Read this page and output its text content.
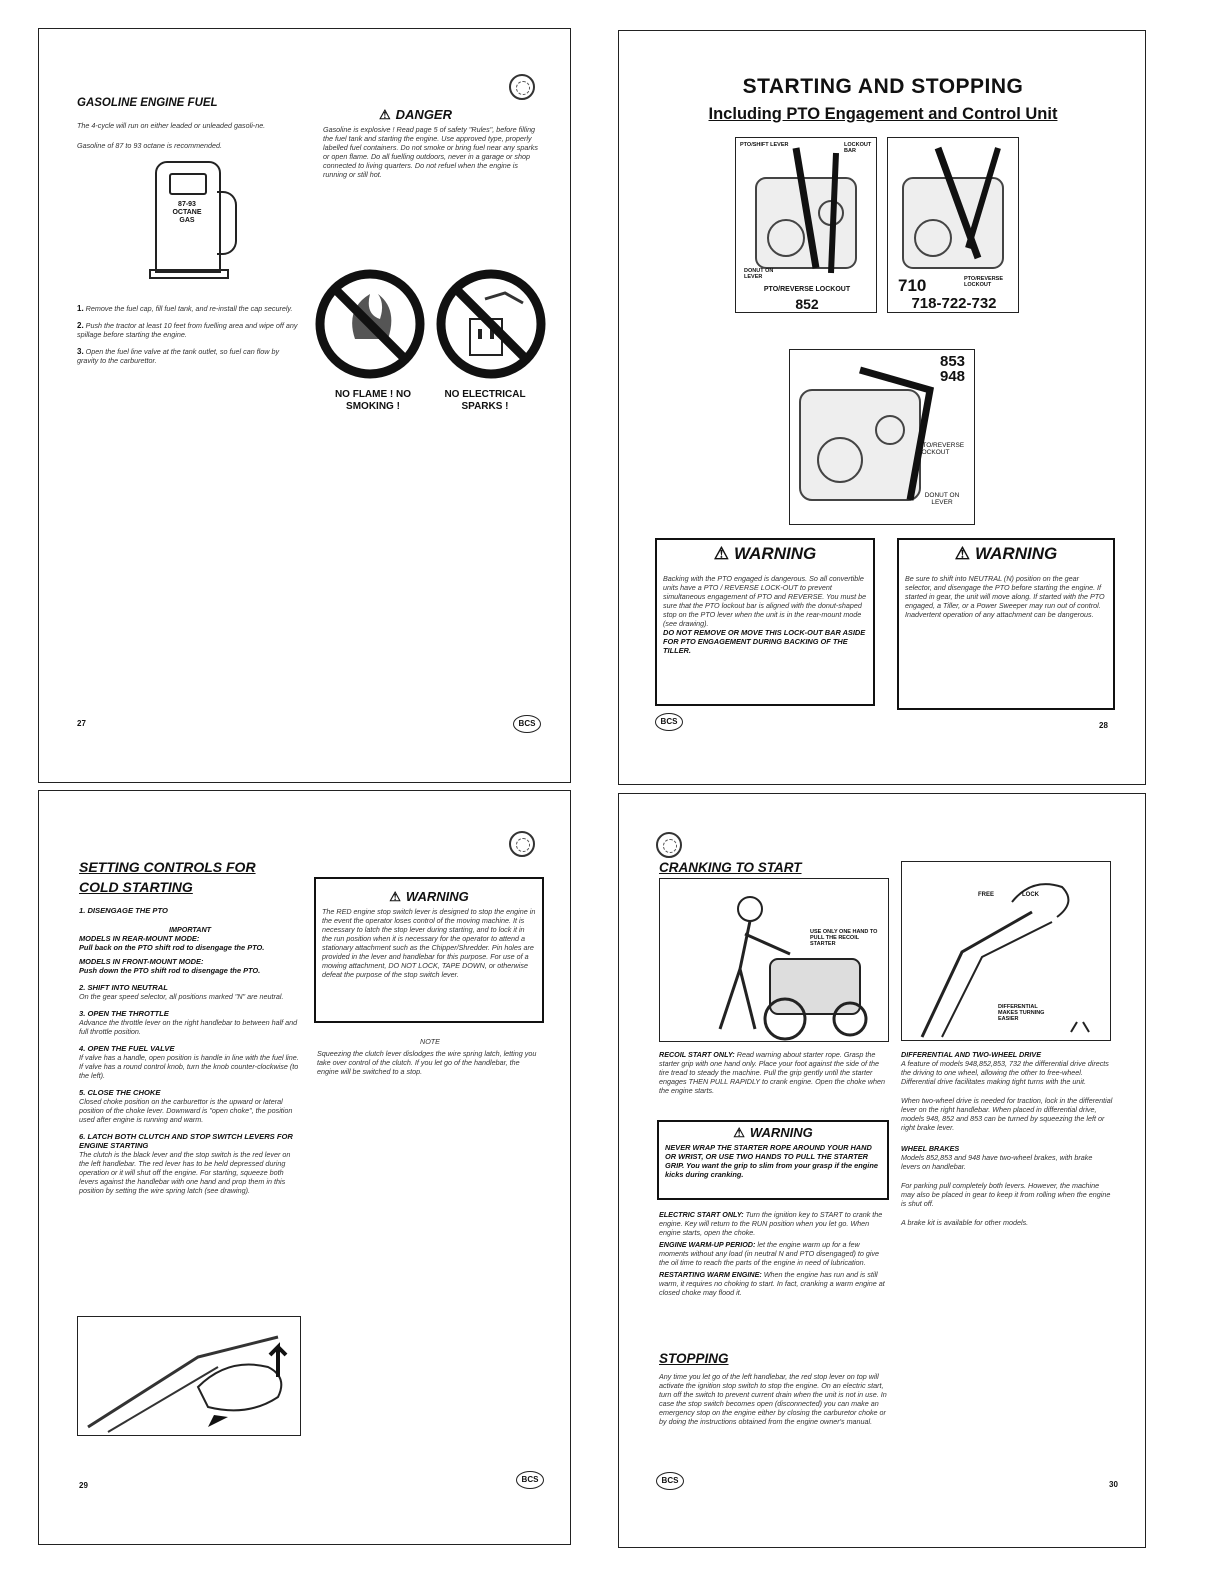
GASOLINE ENGINE FUEL
The 4-cycle will run on either leaded or unleaded gasoli-ne.
Gasoline of 87 to 93 octane is recommended.
87-93
OCTANE
GAS
⚠ DANGER
Gasoline is explosive ! Read page 5 of safety "Rules", before filling the fuel tank and starting the engine. Use approved type, properly labelled fuel containers. Do not smoke or bring fuel near any sparks or open flame. Do all fuelling outdoors, never in a garage or shop connected to living quarters. Do not refuel when the engine is running or still hot.
1. Remove the fuel cap, fill fuel tank, and re-install the cap securely.
2. Push the tractor at least 10 feet from fuelling area and wipe off any spillage before starting the engine.
3. Open the fuel line valve at the tank outlet, so fuel can flow by gravity to the carburettor.
NO FLAME ! NO SMOKING !
NO ELECTRICAL SPARKS !
27	BCS
STARTING AND STOPPING
Including PTO Engagement and Control Unit
PTO/SHIFT LEVER	LOCKOUT BAR
DONUT ON LEVER
PTO/REVERSE LOCKOUT
852
710	PTO/REVERSE LOCKOUT
718-722-732
853
948
PTO/REVERSE LOCKOUT
DONUT ON LEVER
⚠ WARNING
Backing with the PTO engaged is dangerous. So all convertible units have a PTO / REVERSE LOCK-OUT to prevent simultaneous engagement of PTO and REVERSE. You must be sure that the PTO lockout bar is aligned with the donut-shaped stop on the PTO lever when the unit is in the rear-mount mode (see drawing).
DO NOT REMOVE OR MOVE THIS LOCK-OUT BAR ASIDE FOR PTO ENGAGEMENT DURING BACKING OF THE TILLER.
⚠ WARNING
Be sure to shift into NEUTRAL (N) position on the gear selector, and disengage the PTO before starting the engine. If started in gear, the unit will move along. If started with the PTO engaged, a Tiller, or a Power Sweeper may run out of control. Inadvertent operation of any attachment can be dangerous.
BCS	28
SETTING CONTROLS FOR
COLD STARTING
1. DISENGAGE THE PTO
IMPORTANT
MODELS IN REAR-MOUNT MODE:
Pull back on the PTO shift rod to disengage the PTO.
MODELS IN FRONT-MOUNT MODE:
Push down the PTO shift rod to disengage the PTO.
2. SHIFT INTO NEUTRAL
On the gear speed selector, all positions marked "N" are neutral.
3. OPEN THE THROTTLE
Advance the throttle lever on the right handlebar to between half and full throttle position.
4. OPEN THE FUEL VALVE
If valve has a handle, open position is handle in line with the fuel line. If valve has a round control knob, turn the knob counter-clockwise (to the left).
5. CLOSE THE CHOKE
Closed choke position on the carburettor is the upward or lateral position of the choke lever. Downward is "open choke", the position used after engine is running and warm.
6. LATCH BOTH CLUTCH AND STOP SWITCH LEVERS FOR ENGINE STARTING
The clutch is the black lever and the stop switch is the red lever on the left handlebar. The red lever has to be held depressed during operation or it will shut off the engine. For starting, squeeze both levers against the handlebar with one hand and prop them in this position by setting the wire spring latch (see drawing).
⚠ WARNING
The RED engine stop switch lever is designed to stop the engine in the event the operator loses control of the moving machine. It is necessary to latch the stop lever during starting, and to lock it in the run position when it is necessary for the operator to attend a stationary attachment such as the Chipper/Shredder. Pin holes are provided in the lever and handlebar for this purpose. For use of a mowing attachment, DO NOT LOCK, TAPE DOWN, or otherwise defeat the purpose of the stop switch lever.
NOTE
Squeezing the clutch lever dislodges the wire spring latch, letting you take over control of the clutch. If you let go of the handlebar, the engine will be switched to a stop.
29
BCS
CRANKING TO START
USE ONLY ONE HAND TO PULL THE RECOIL STARTER
FREE	LOCK
DIFFERENTIAL MAKES TURNING EASIER
RECOIL START ONLY: Read warning about starter rope. Grasp the starter grip with one hand only. Place your foot against the side of the tire tread to steady the machine. Pull the grip gently until the starter engages THEN PULL RAPIDLY to crank engine. Open the choke when the engine starts.
⚠ WARNING
NEVER WRAP THE STARTER ROPE AROUND YOUR HAND OR WRIST, OR USE TWO HANDS TO PULL THE STARTER GRIP. You want the grip to slim from your grasp if the engine kicks during cranking.
ELECTRIC START ONLY: Turn the ignition key to START to crank the engine. Key will return to the RUN position when you let go. When engine starts, open the choke.
ENGINE WARM-UP PERIOD: let the engine warm up for a few moments without any load (in neutral N and PTO disengaged) to give the oil time to reach the parts of the engine in need of lubrication.
RESTARTING WARM ENGINE: When the engine has run and is still warm, it requires no choking to start. In fact, cranking a warm engine at closed choke may flood it.
STOPPING
Any time you let go of the left handlebar, the red stop lever on top will activate the ignition stop switch to stop the engine. On an electric start, turn off the switch to prevent current drain when the unit is not in use. In case the stop switch becomes open (disconnected) you can make an emergency stop on the engine either by closing the carburetor choke or by doing the instructions obtained from the engine owner's manual.
DIFFERENTIAL AND TWO-WHEEL DRIVE
A feature of models 948,852,853, 732 the differential drive directs the driving to one wheel, allowing the other to free-wheel. Differential drive facilitates making tight turns with the unit.
When two-wheel drive is needed for traction, lock in the differential lever on the right handlebar. When placed in differential drive, models 948, 852 and 853 can be turned by squeezing the left or right brake lever.
WHEEL BRAKES
Models 852,853 and 948 have two-wheel brakes, with brake levers on handlebar.
For parking pull completely both levers. However, the machine may also be placed in gear to keep it from rolling when the engine is shut off.
A brake kit is available for other models.
BCS	30
